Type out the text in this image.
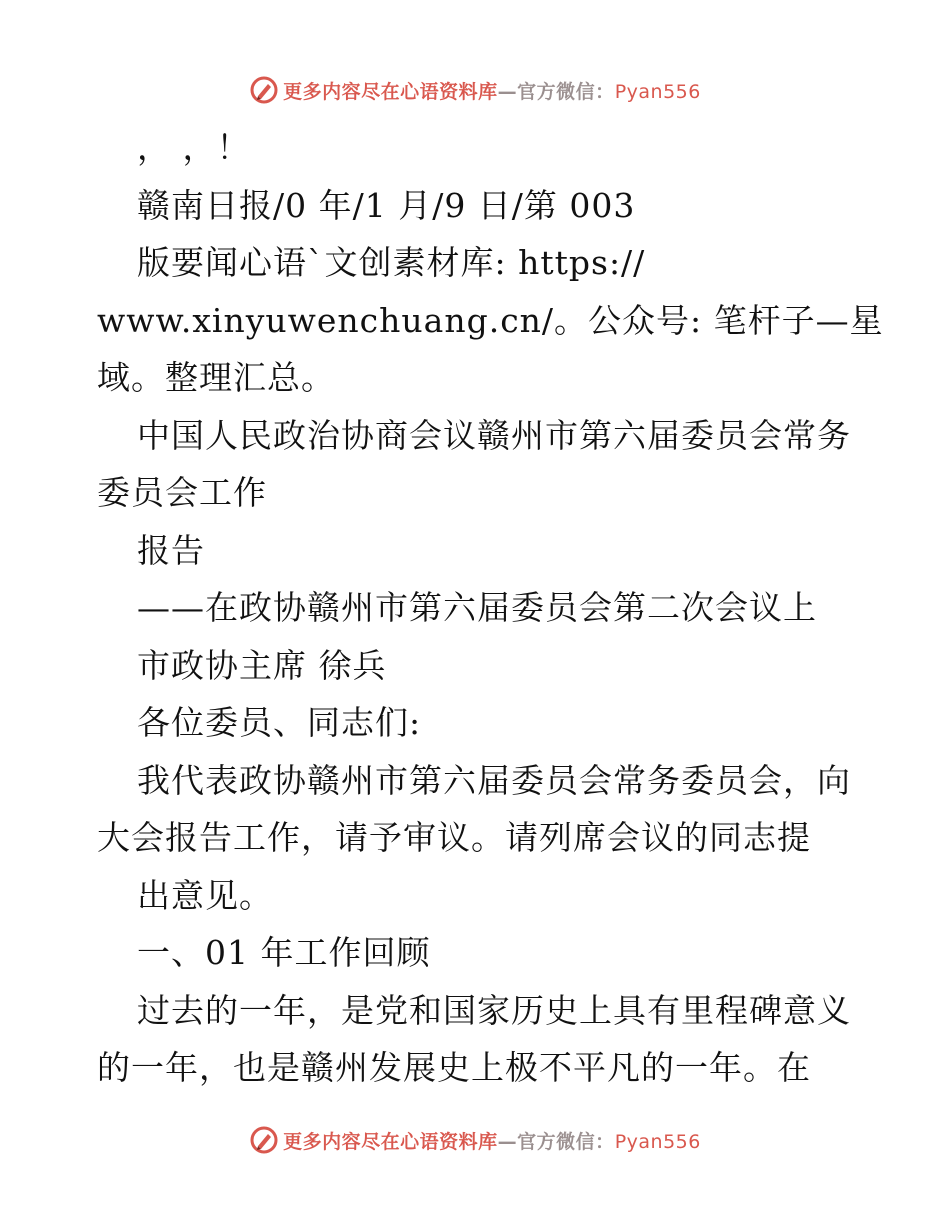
更多内容尽在心语资料库—官方微信：Pyan556
， ，！
赣南日报/0 年/1 月/9 日/第 003
版要闻心语`文创素材库: https://
www.xinyuwenchuang.cn/。公众号: 笔杆子—星
域。整理汇总。
中国人民政治协商会议赣州市第六届委员会常务
委员会工作
报告
——在政协赣州市第六届委员会第二次会议上
市政协主席 徐兵
各位委员、同志们:
我代表政协赣州市第六届委员会常务委员会，向
大会报告工作，请予审议。请列席会议的同志提
出意见。
一、01 年工作回顾
过去的一年，是党和国家历史上具有里程碑意义
的一年，也是赣州发展史上极不平凡的一年。在
更多内容尽在心语资料库—官方微信：Pyan556
